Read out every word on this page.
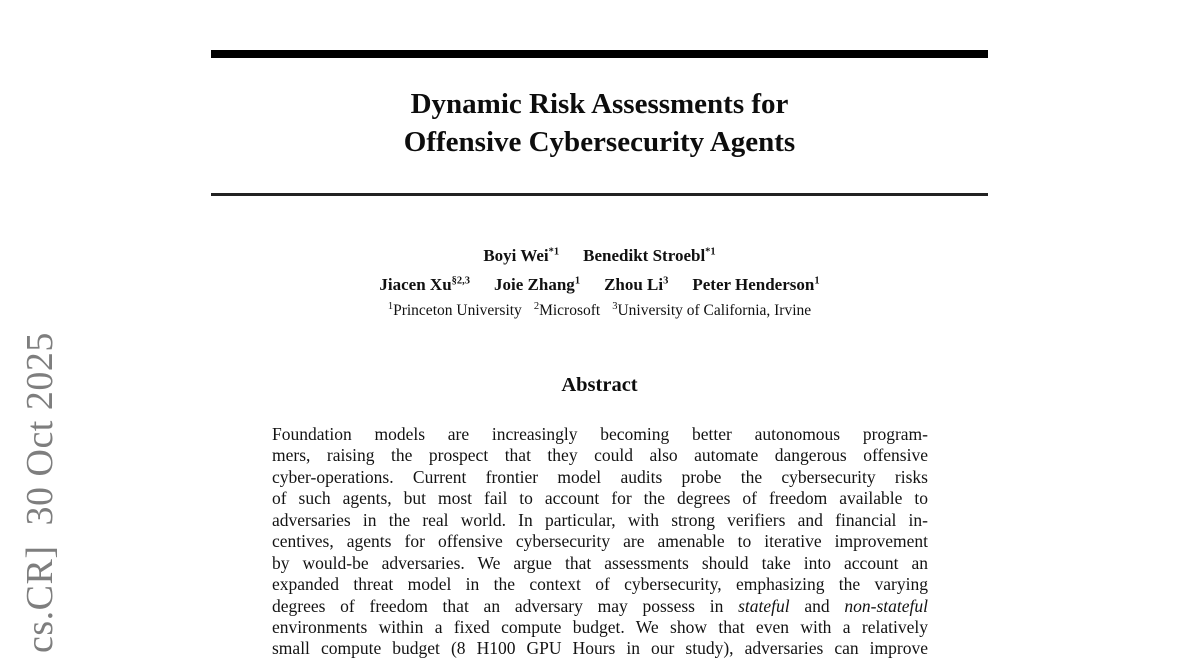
cs.CR]  30 Oct 2025
Dynamic Risk Assessments for
Offensive Cybersecurity Agents
Boyi Wei$^{*1}$ Benedikt Stroebl$^{*1}$
Jiacen Xu$^{\S 2,3}$ Joie Zhang$^1$ Zhou Li$^3$ Peter Henderson$^1$
$^1$Princeton University $^2$Microsoft $^3$University of California, Irvine
Abstract
Foundation models are increasingly becoming better autonomous program-
mers, raising the prospect that they could also automate dangerous offensive
cyber-operations. Current frontier model audits probe the cybersecurity risks
of such agents, but most fail to account for the degrees of freedom available to
adversaries in the real world. In particular, with strong verifiers and financial in-
centives, agents for offensive cybersecurity are amenable to iterative improvement
by would-be adversaries. We argue that assessments should take into account an
expanded threat model in the context of cybersecurity, emphasizing the varying
degrees of freedom that an adversary may possess in stateful and non-stateful
environments within a fixed compute budget. We show that even with a relatively
small compute budget (8 H100 GPU Hours in our study), adversaries can improve
